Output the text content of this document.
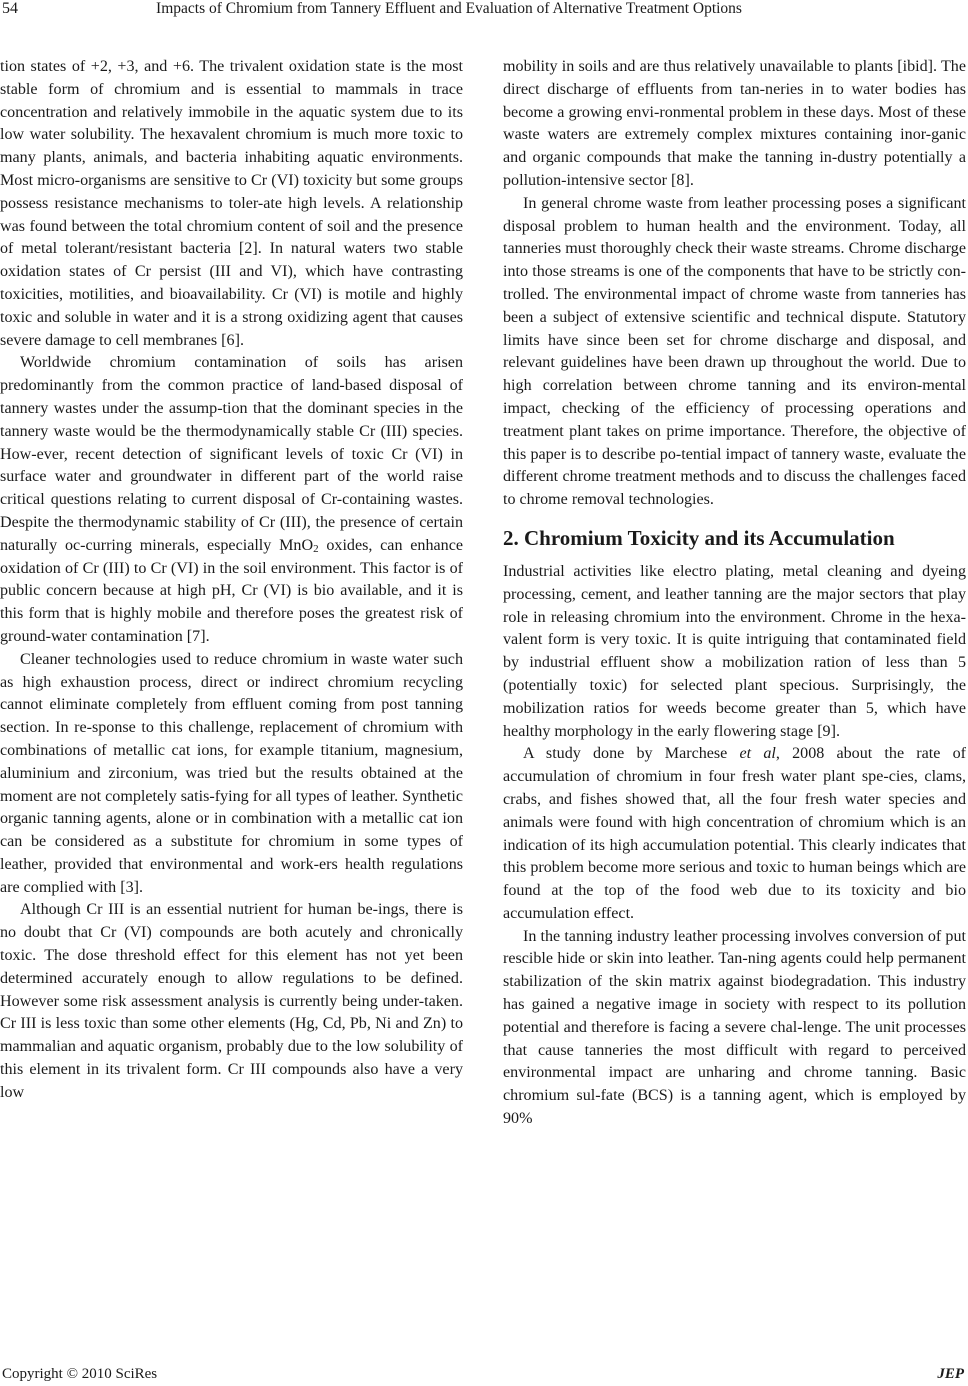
54	Impacts of Chromium from Tannery Effluent and Evaluation of Alternative Treatment Options

tion states of +2, +3, and +6. The trivalent oxidation state is the most stable form of chromium and is essential to mammals in trace concentration and relatively immobile in the aquatic system due to its low water solubility. The hexavalent chromium is much more toxic to many plants, animals, and bacteria inhabiting aquatic environments. Most micro-organisms are sensitive to Cr (VI) toxicity but some groups possess resistance mechanisms to toler-ate high levels. A relationship was found between the total chromium content of soil and the presence of metal tolerant/resistant bacteria [2]. In natural waters two stable oxidation states of Cr persist (III and VI), which have contrasting toxicities, motilities, and bioavailability. Cr (VI) is motile and highly toxic and soluble in water and it is a strong oxidizing agent that causes severe damage to cell membranes [6].

Worldwide chromium contamination of soils has arisen predominantly from the common practice of land-based disposal of tannery wastes under the assump-tion that the dominant species in the tannery waste would be the thermodynamically stable Cr (III) species. How-ever, recent detection of significant levels of toxic Cr (VI) in surface water and groundwater in different part of the world raise critical questions relating to current disposal of Cr-containing wastes. Despite the thermodynamic stability of Cr (III), the presence of certain naturally oc-curring minerals, especially MnO$_2$ oxides, can enhance oxidation of Cr (III) to Cr (VI) in the soil environment. This factor is of public concern because at high pH, Cr (VI) is bio available, and it is this form that is highly mobile and therefore poses the greatest risk of ground-water contamination [7].

Cleaner technologies used to reduce chromium in waste water such as high exhaustion process, direct or indirect chromium recycling cannot eliminate completely from effluent coming from post tanning section. In re-sponse to this challenge, replacement of chromium with combinations of metallic cat ions, for example titanium, magnesium, aluminium and zirconium, was tried but the results obtained at the moment are not completely satis-fying for all types of leather. Synthetic organic tanning agents, alone or in combination with a metallic cat ion can be considered as a substitute for chromium in some types of leather, provided that environmental and work-ers health regulations are complied with [3].

Although Cr III is an essential nutrient for human be-ings, there is no doubt that Cr (VI) compounds are both acutely and chronically toxic. The dose threshold effect for this element has not yet been determined accurately enough to allow regulations to be defined. However some risk assessment analysis is currently being under-taken. Cr III is less toxic than some other elements (Hg, Cd, Pb, Ni and Zn) to mammalian and aquatic organism, probably due to the low solubility of this element in its trivalent form. Cr III compounds also have a very low

mobility in soils and are thus relatively unavailable to plants [ibid]. The direct discharge of effluents from tan-neries in to water bodies has become a growing envi-ronmental problem in these days. Most of these waste waters are extremely complex mixtures containing inor-ganic and organic compounds that make the tanning in-dustry potentially a pollution-intensive sector [8].

In general chrome waste from leather processing poses a significant disposal problem to human health and the environment. Today, all tanneries must thoroughly check their waste streams. Chrome discharge into those streams is one of the components that have to be strictly con-trolled. The environmental impact of chrome waste from tanneries has been a subject of extensive scientific and technical dispute. Statutory limits have since been set for chrome discharge and disposal, and relevant guidelines have been drawn up throughout the world. Due to high correlation between chrome tanning and its environ-mental impact, checking of the efficiency of processing operations and treatment plant takes on prime importance. Therefore, the objective of this paper is to describe po-tential impact of tannery waste, evaluate the different chrome treatment methods and to discuss the challenges faced to chrome removal technologies.

2. Chromium Toxicity and its Accumulation

Industrial activities like electro plating, metal cleaning and dyeing processing, cement, and leather tanning are the major sectors that play role in releasing chromium into the environment. Chrome in the hexa-valent form is very toxic. It is quite intriguing that contaminated field by industrial effluent show a mobilization ration of less than 5 (potentially toxic) for selected plant specious. Surprisingly, the mobilization ratios for weeds become greater than 5, which have healthy morphology in the early flowering stage [9].

A study done by Marchese et al, 2008 about the rate of accumulation of chromium in four fresh water plant spe-cies, clams, crabs, and fishes showed that, all the four fresh water species and animals were found with high concentration of chromium which is an indication of its high accumulation potential. This clearly indicates that this problem become more serious and toxic to human beings which are found at the top of the food web due to its toxicity and bio accumulation effect.

In the tanning industry leather processing involves conversion of put rescible hide or skin into leather. Tan-ning agents could help permanent stabilization of the skin matrix against biodegradation. This industry has gained a negative image in society with respect to its pollution potential and therefore is facing a severe chal-lenge. The unit processes that cause tanneries the most difficult with regard to perceived environmental impact are unharing and chrome tanning. Basic chromium sul-fate (BCS) is a tanning agent, which is employed by 90%

Copyright © 2010 SciRes	JEP
